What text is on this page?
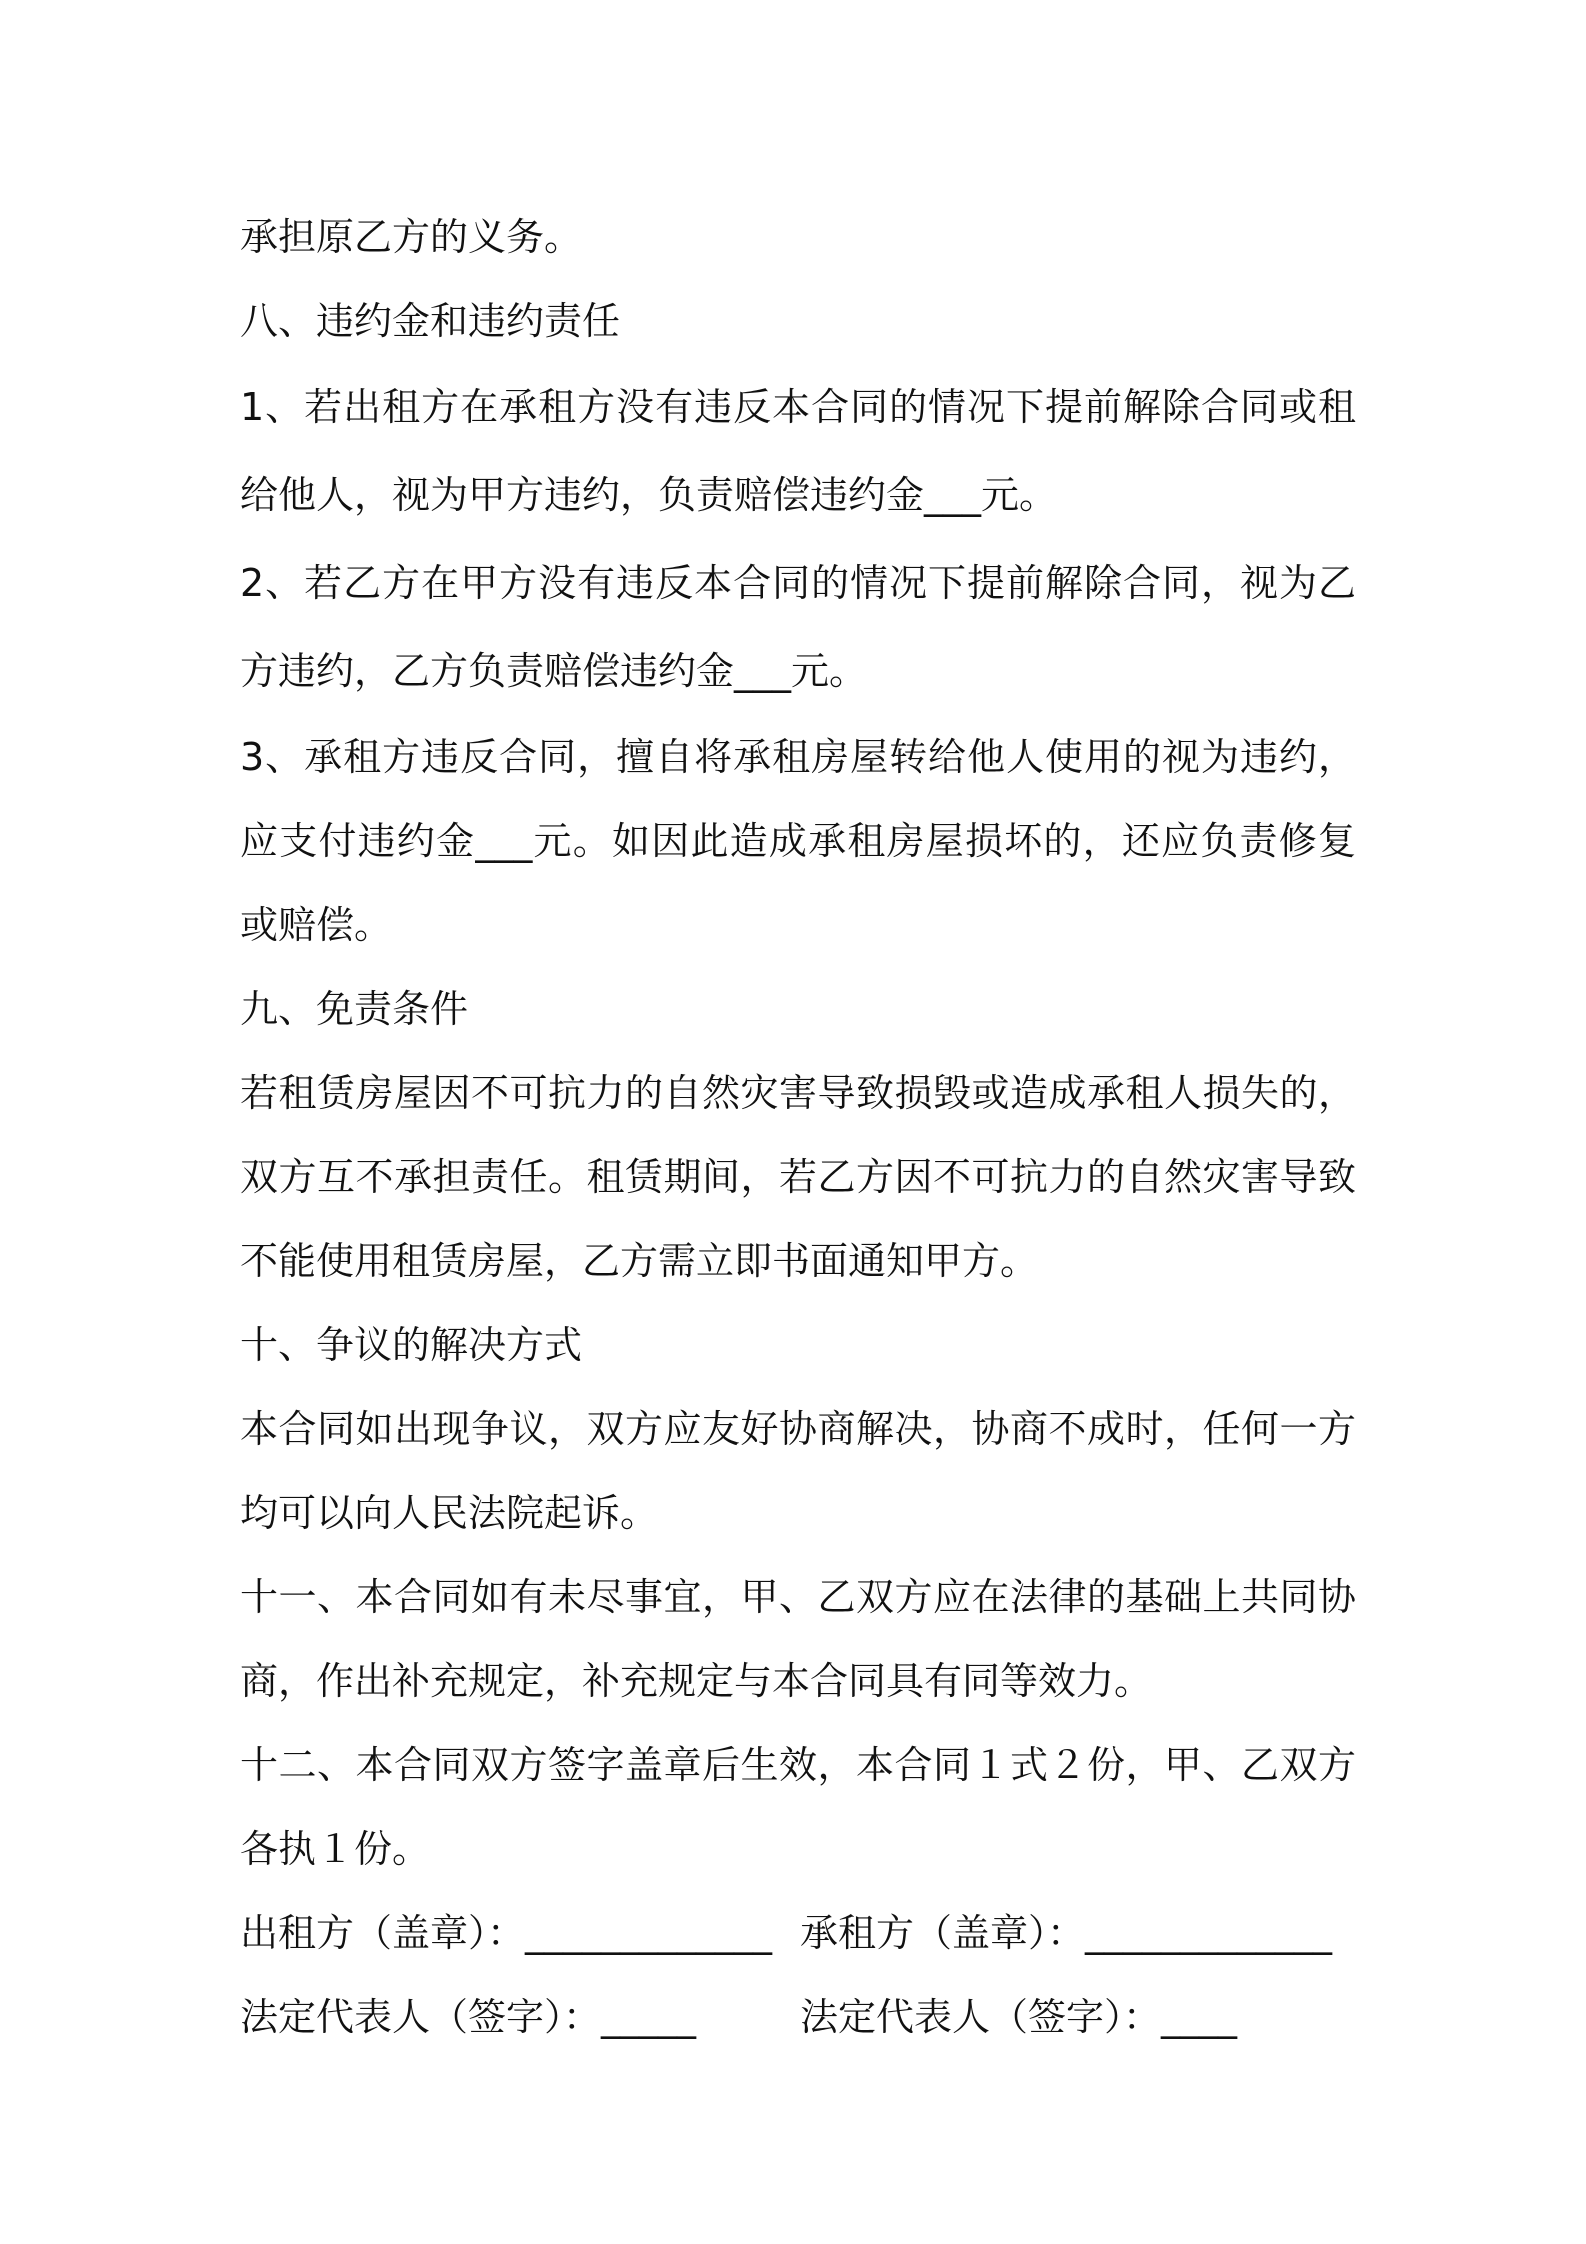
承担原乙方的义务。

八、违约金和违约责任

1、若出租方在承租方没有违反本合同的情况下提前解除合同或租给他人，视为甲方违约，负责赔偿违约金___元。

2、若乙方在甲方没有违反本合同的情况下提前解除合同，视为乙方违约，乙方负责赔偿违约金___元。

3、承租方违反合同，擅自将承租房屋转给他人使用的视为违约，应支付违约金___元。如因此造成承租房屋损坏的，还应负责修复或赔偿。

九、免责条件

若租赁房屋因不可抗力的自然灾害导致损毁或造成承租人损失的，双方互不承担责任。租赁期间，若乙方因不可抗力的自然灾害导致不能使用租赁房屋，乙方需立即书面通知甲方。

十、争议的解决方式

本合同如出现争议，双方应友好协商解决，协商不成时，任何一方均可以向人民法院起诉。

十一、本合同如有未尽事宜，甲、乙双方应在法律的基础上共同协商，作出补充规定，补充规定与本合同具有同等效力。

十二、本合同双方签字盖章后生效，本合同１式２份，甲、乙双方各执１份。

出租方（盖章）：_____________ 承租方（盖章）：_____________
法定代表人（签字）：_____	法定代表人（签字）：____
